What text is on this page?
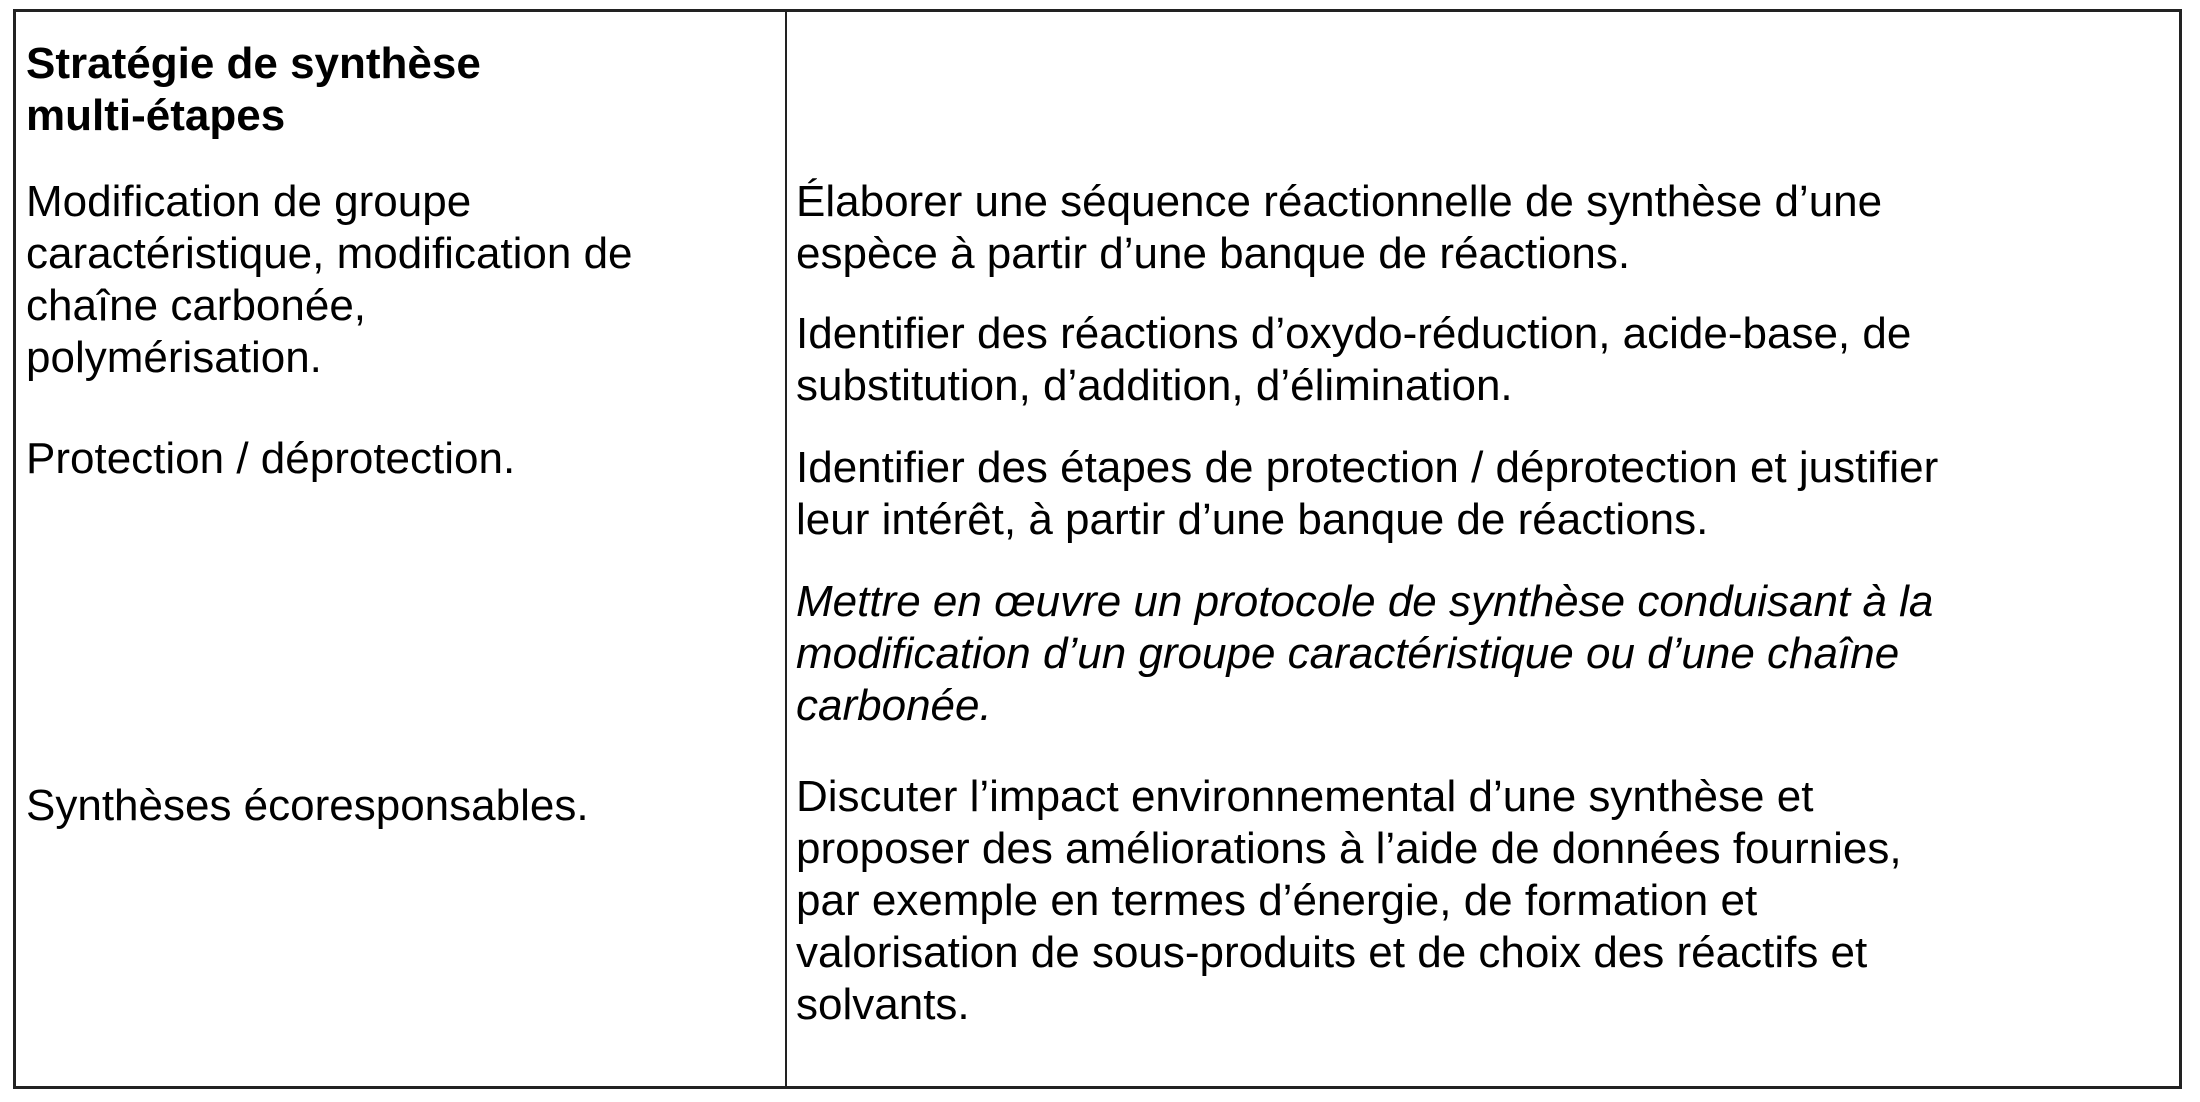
Stratégie de synthèse
multi-étapes
Modification de groupe
caractéristique, modification de
chaîne carbonée,
polymérisation.
Protection / déprotection.
Synthèses écoresponsables.
Élaborer une séquence réactionnelle de synthèse d’une
espèce à partir d’une banque de réactions.
Identifier des réactions d’oxydo-réduction, acide-base, de
substitution, d’addition, d’élimination.
Identifier des étapes de protection / déprotection et justifier
leur intérêt, à partir d’une banque de réactions.
Mettre en œuvre un protocole de synthèse conduisant à la
modification d’un groupe caractéristique ou d’une chaîne
carbonée.
Discuter l’impact environnemental d’une synthèse et
proposer des améliorations à l’aide de données fournies,
par exemple en termes d’énergie, de formation et
valorisation de sous-produits et de choix des réactifs et
solvants.
